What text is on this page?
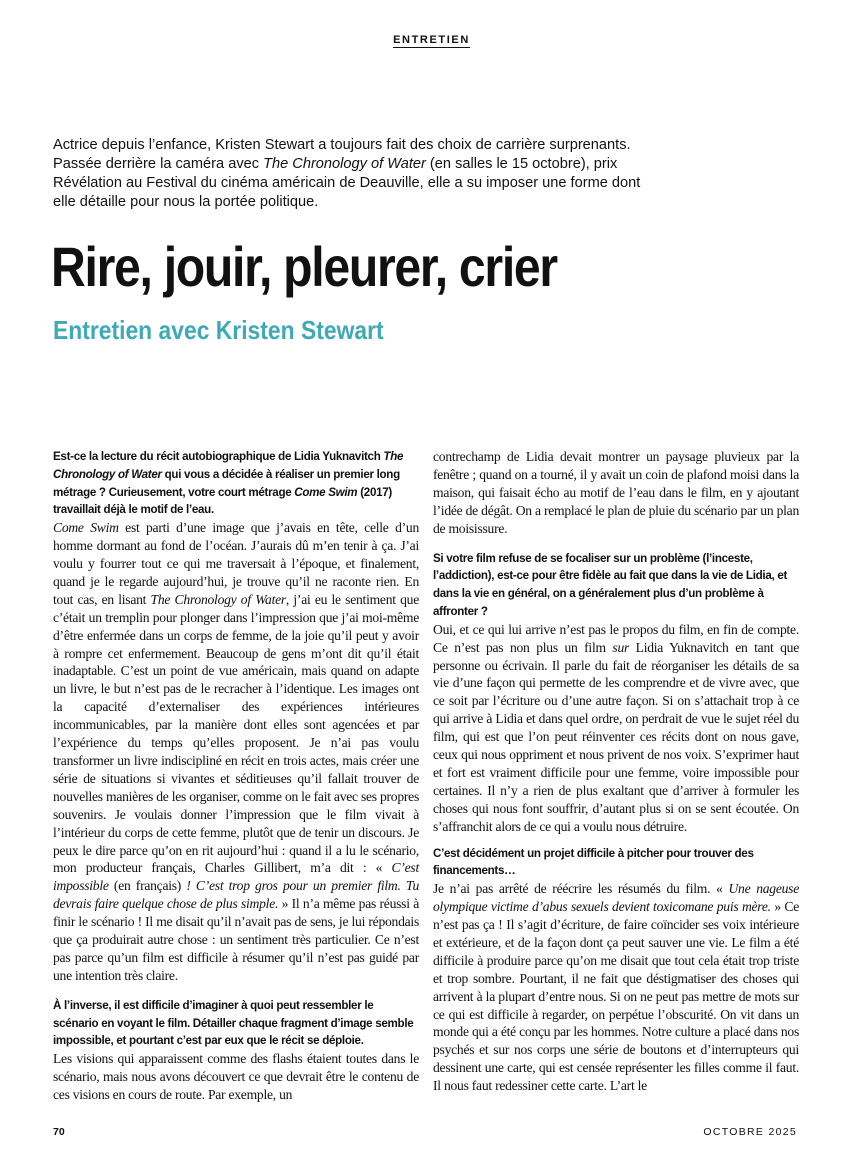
ENTRETIEN

Actrice depuis l’enfance, Kristen Stewart a toujours fait des choix de carrière surprenants. Passée derrière la caméra avec The Chronology of Water (en salles le 15 octobre), prix Révélation au Festival du cinéma américain de Deauville, elle a su imposer une forme dont elle détaille pour nous la portée politique.

Rire, jouir, pleurer, crier
Entretien avec Kristen Stewart

Est-ce la lecture du récit autobiographique de Lidia Yuknavitch The Chronology of Water qui vous a décidée à réaliser un premier long métrage ? Curieusement, votre court métrage Come Swim (2017) travaillait déjà le motif de l’eau.

Come Swim est parti d’une image que j’avais en tête, celle d’un homme dormant au fond de l’océan. J’aurais dû m’en tenir à ça. J’ai voulu y fourrer tout ce qui me traversait à l’époque, et finalement, quand je le regarde aujourd’hui, je trouve qu’il ne raconte rien. En tout cas, en lisant The Chronology of Water, j’ai eu le sentiment que c’était un tremplin pour plonger dans l’impression que j’ai moi-même d’être enfermée dans un corps de femme, de la joie qu’il peut y avoir à rompre cet enfermement. Beaucoup de gens m’ont dit qu’il était inadaptable. C’est un point de vue américain, mais quand on adapte un livre, le but n’est pas de le recracher à l’identique. Les images ont la capacité d’externaliser des expériences intérieures incommunicables, par la manière dont elles sont agencées et par l’expérience du temps qu’elles proposent. Je n’ai pas voulu transformer un livre indiscipliné en récit en trois actes, mais créer une série de situations si vivantes et séditieuses qu’il fallait trouver de nouvelles manières de les organiser, comme on le fait avec ses propres souvenirs. Je voulais donner l’impression que le film vivait à l’intérieur du corps de cette femme, plutôt que de tenir un discours. Je peux le dire parce qu’on en rit aujourd’hui : quand il a lu le scénario, mon producteur français, Charles Gillibert, m’a dit : « C’est impossible (en français) ! C’est trop gros pour un premier film. Tu devrais faire quelque chose de plus simple. » Il n’a même pas réussi à finir le scénario ! Il me disait qu’il n’avait pas de sens, je lui répondais que ça produirait autre chose : un sentiment très particulier. Ce n’est pas parce qu’un film est difficile à résumer qu’il n’est pas guidé par une intention très claire.

À l’inverse, il est difficile d’imaginer à quoi peut ressembler le scénario en voyant le film. Détailler chaque fragment d’image semble impossible, et pourtant c’est par eux que le récit se déploie.

Les visions qui apparaissent comme des flashs étaient toutes dans le scénario, mais nous avons découvert ce que devrait être le contenu de ces visions en cours de route. Par exemple, un

contrechamp de Lidia devait montrer un paysage pluvieux par la fenêtre ; quand on a tourné, il y avait un coin de plafond moisi dans la maison, qui faisait écho au motif de l’eau dans le film, en y ajoutant l’idée de dégât. On a remplacé le plan de pluie du scénario par un plan de moisissure.

Si votre film refuse de se focaliser sur un problème (l’inceste, l’addiction), est-ce pour être fidèle au fait que dans la vie de Lidia, et dans la vie en général, on a généralement plus d’un problème à affronter ?

Oui, et ce qui lui arrive n’est pas le propos du film, en fin de compte. Ce n’est pas non plus un film sur Lidia Yuknavitch en tant que personne ou écrivain. Il parle du fait de réorganiser les détails de sa vie d’une façon qui permette de les comprendre et de vivre avec, que ce soit par l’écriture ou d’une autre façon. Si on s’attachait trop à ce qui arrive à Lidia et dans quel ordre, on perdrait de vue le sujet réel du film, qui est que l’on peut réinventer ces récits dont on nous gave, ceux qui nous oppriment et nous privent de nos voix. S’exprimer haut et fort est vraiment difficile pour une femme, voire impossible pour certaines. Il n’y a rien de plus exaltant que d’arriver à formuler les choses qui nous font souffrir, d’autant plus si on se sent écoutée. On s’affranchit alors de ce qui a voulu nous détruire.

C’est décidément un projet difficile à pitcher pour trouver des financements…

Je n’ai pas arrêté de réécrire les résumés du film. « Une nageuse olympique victime d’abus sexuels devient toxicomane puis mère. » Ce n’est pas ça ! Il s’agit d’écriture, de faire coïncider ses voix intérieure et extérieure, et de la façon dont ça peut sauver une vie. Le film a été difficile à produire parce qu’on me disait que tout cela était trop triste et trop sombre. Pourtant, il ne fait que déstigmatiser des choses qui arrivent à la plupart d’entre nous. Si on ne peut pas mettre de mots sur ce qui est difficile à regarder, on perpétue l’obscurité. On vit dans un monde qui a été conçu par les hommes. Notre culture a placé dans nos psychés et sur nos corps une série de boutons et d’interrupteurs qui dessinent une carte, qui est censée représenter les filles comme il faut. Il nous faut redessiner cette carte. L’art le

70	OCTOBRE 2025
